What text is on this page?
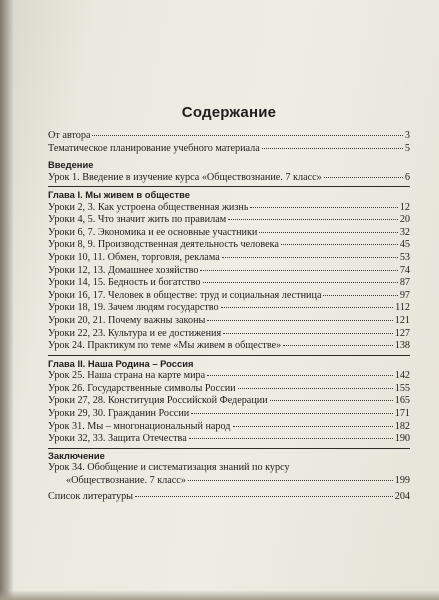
Содержание
От автора	3
Тематическое планирование учебного материала	5
Введение
Урок 1. Введение в изучение курса «Обществознание. 7 класс»	6
Глава I. Мы живем в обществе
Уроки 2, 3. Как устроена общественная жизнь	12
Уроки 4, 5. Что значит жить по правилам	20
Уроки 6, 7. Экономика и ее основные участники	32
Уроки 8, 9. Производственная деятельность человека	45
Уроки 10, 11. Обмен, торговля, реклама	53
Уроки 12, 13. Домашнее хозяйство	74
Уроки 14, 15. Бедность и богатство	87
Уроки 16, 17. Человек в обществе: труд и социальная лестница	97
Уроки 18, 19. Зачем людям государство	112
Уроки 20, 21. Почему важны законы	121
Уроки 22, 23. Культура и ее достижения	127
Урок 24. Практикум по теме «Мы живем в обществе»	138
Глава II. Наша Родина – Россия
Урок 25. Наша страна на карте мира	142
Урок 26. Государственные символы России	155
Уроки 27, 28. Конституция Российской Федерации	165
Уроки 29, 30. Гражданин России	171
Урок 31. Мы – многонациональный народ	182
Уроки 32, 33. Защита Отечества	190
Заключение
Урок 34. Обобщение и систематизация знаний по курсу
«Обществознание. 7 класс»	199
Список литературы	204
